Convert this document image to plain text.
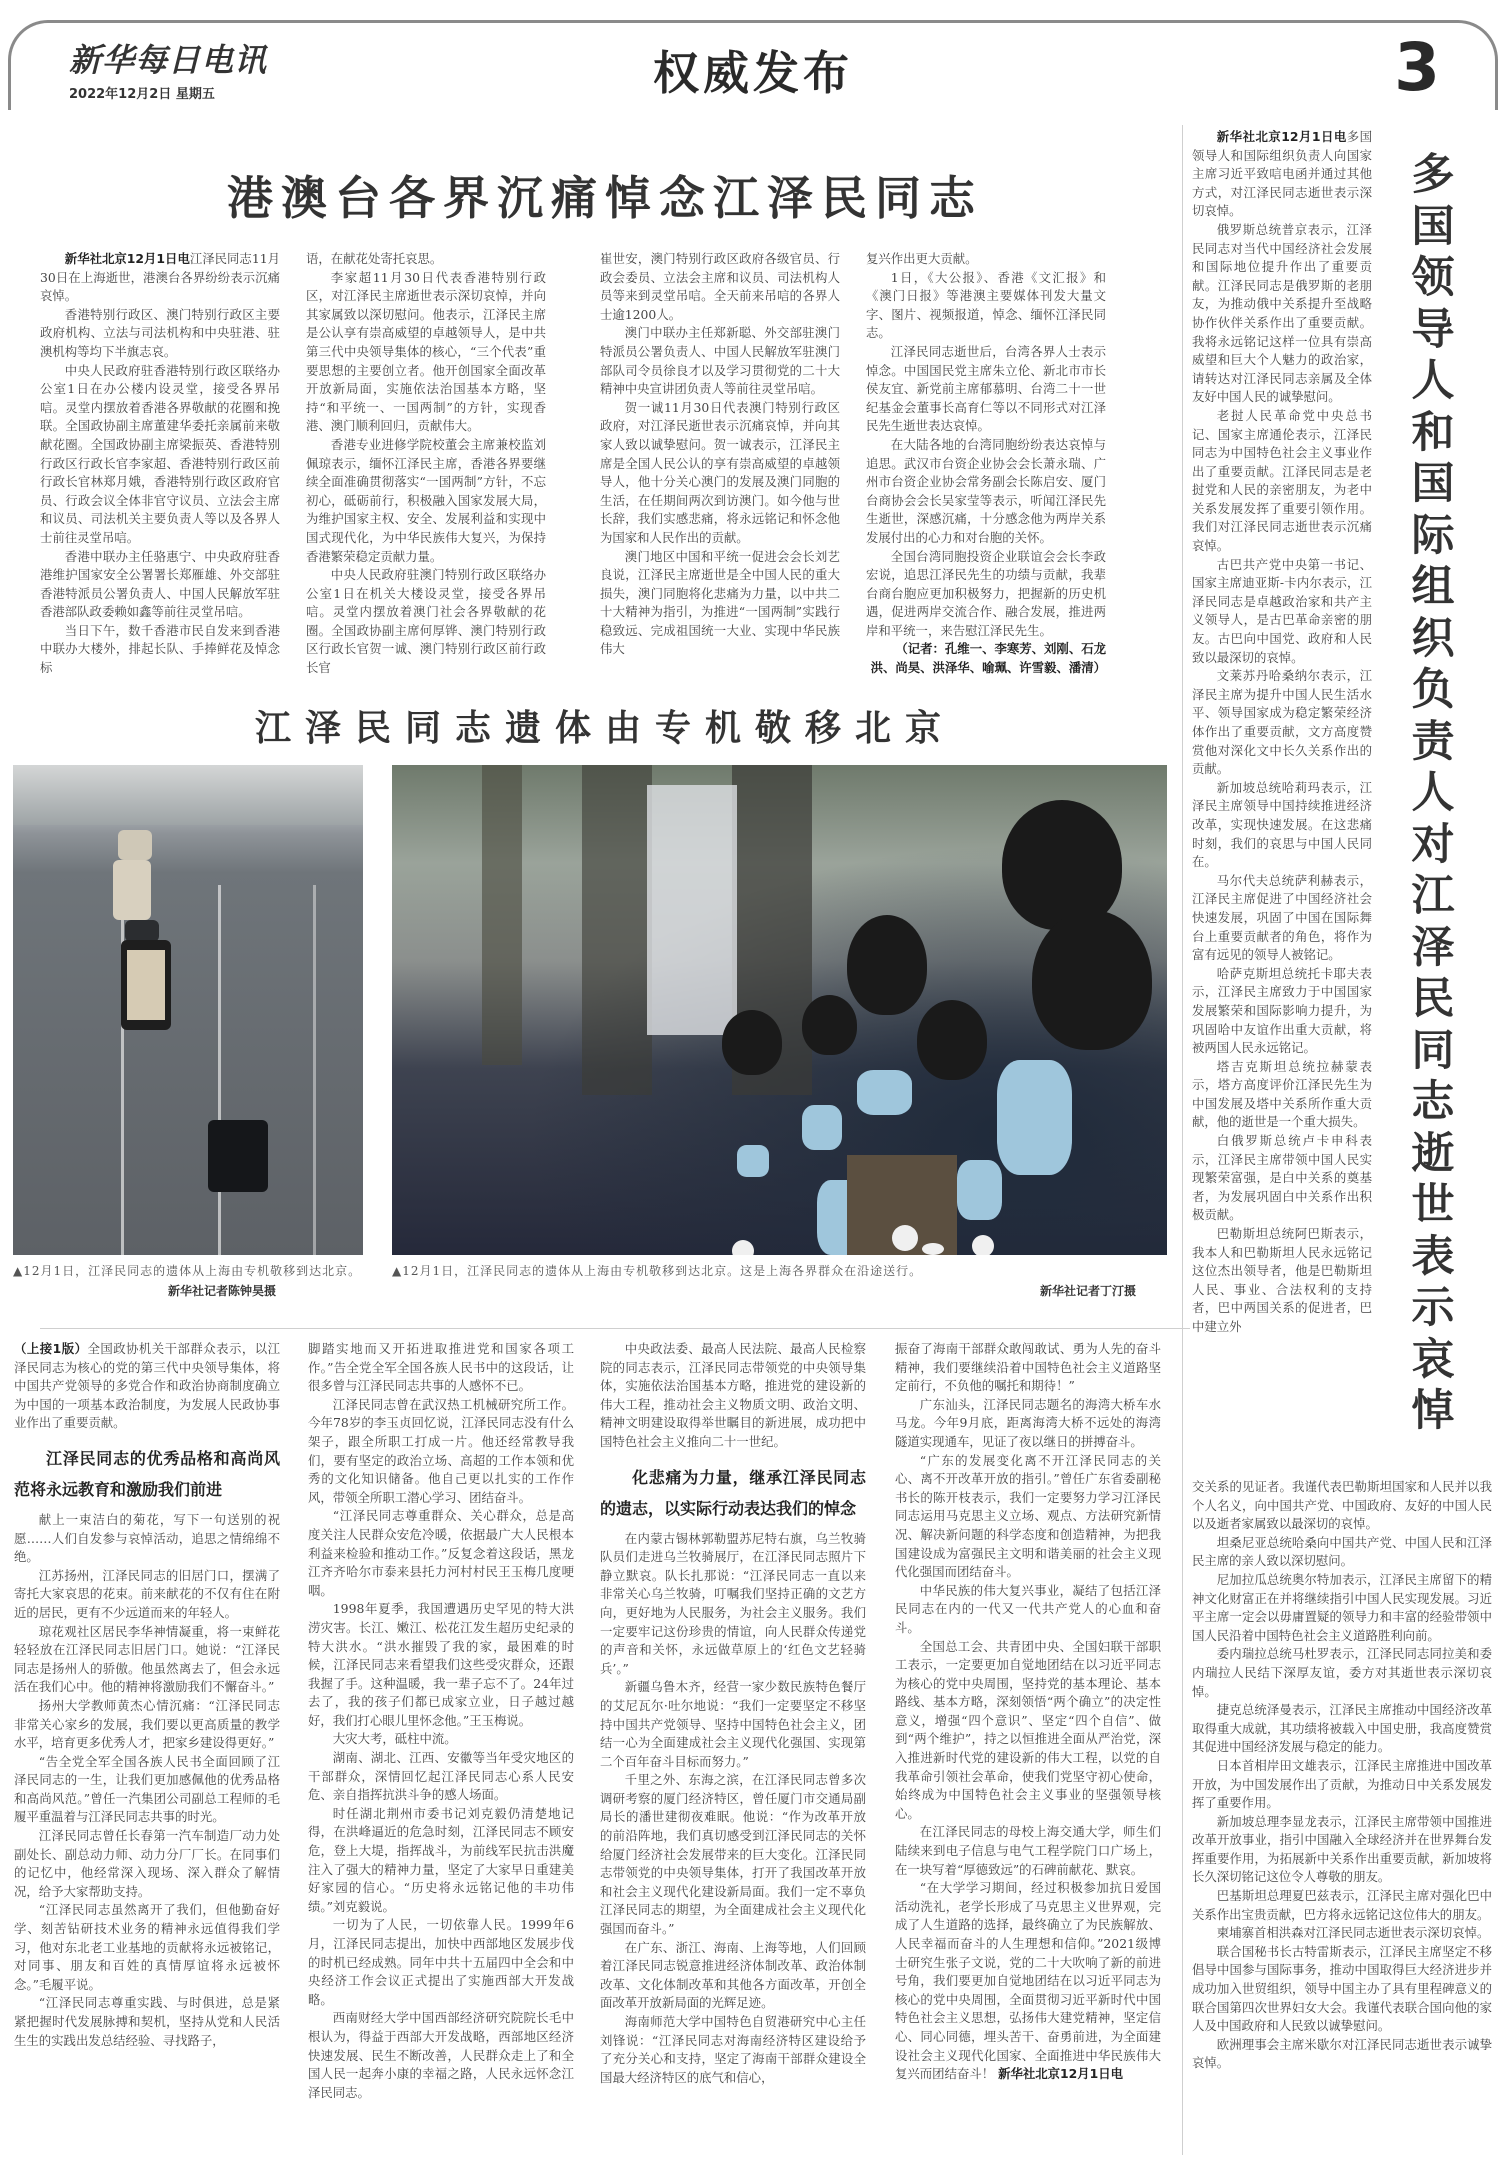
新华每日电讯
2022年12月2日 星期五	权威发布	3
港澳台各界沉痛悼念江泽民同志

新华社北京12月1日电江泽民同志11月30日在上海逝世，港澳台各界纷纷表示沉痛哀悼。

香港特别行政区、澳门特别行政区主要政府机构、立法与司法机构和中央驻港、驻澳机构等均下半旗志哀。

中央人民政府驻香港特别行政区联络办公室1日在办公楼内设灵堂，接受各界吊唁。灵堂内摆放着香港各界敬献的花圈和挽联。全国政协副主席董建华委托亲属前来敬献花圈。全国政协副主席梁振英、香港特别行政区行政长官李家超、香港特别行政区前行政长官林郑月娥，香港特别行政区政府官员、行政会议全体非官守议员、立法会主席和议员、司法机关主要负责人等以及各界人士前往灵堂吊唁。

香港中联办主任骆惠宁、中央政府驻香港维护国家安全公署署长郑雁雄、外交部驻香港特派员公署负责人、中国人民解放军驻香港部队政委赖如鑫等前往灵堂吊唁。

当日下午，数千香港市民自发来到香港中联办大楼外，排起长队、手捧鲜花及悼念标

语，在献花处寄托哀思。

李家超11月30日代表香港特别行政区，对江泽民主席逝世表示深切哀悼，并向其家属致以深切慰问。他表示，江泽民主席是公认享有崇高威望的卓越领导人，是中共第三代中央领导集体的核心，“三个代表”重要思想的主要创立者。他开创国家全面改革开放新局面，实施依法治国基本方略，坚持“和平统一、一国两制”的方针，实现香港、澳门顺利回归，贡献伟大。

香港专业进修学院校董会主席兼校监刘佩琼表示，缅怀江泽民主席，香港各界要继续全面准确贯彻落实“一国两制”方针，不忘初心，砥砺前行，积极融入国家发展大局，为维护国家主权、安全、发展利益和实现中国式现代化，为中华民族伟大复兴，为保持香港繁荣稳定贡献力量。

中央人民政府驻澳门特别行政区联络办公室1日在机关大楼设灵堂，接受各界吊唁。灵堂内摆放着澳门社会各界敬献的花圈。全国政协副主席何厚铧、澳门特别行政区行政长官贺一诚、澳门特别行政区前行政长官

崔世安，澳门特别行政区政府各级官员、行政会委员、立法会主席和议员、司法机构人员等来到灵堂吊唁。全天前来吊唁的各界人士逾1200人。

澳门中联办主任郑新聪、外交部驻澳门特派员公署负责人、中国人民解放军驻澳门部队司令员徐良才以及学习贯彻党的二十大精神中央宣讲团负责人等前往灵堂吊唁。

贺一诚11月30日代表澳门特别行政区政府，对江泽民逝世表示沉痛哀悼，并向其家人致以诚挚慰问。贺一诚表示，江泽民主席是全国人民公认的享有崇高威望的卓越领导人，他十分关心澳门的发展及澳门同胞的生活，在任期间两次到访澳门。如今他与世长辞，我们实感悲痛，将永远铭记和怀念他为国家和人民作出的贡献。

澳门地区中国和平统一促进会会长刘艺良说，江泽民主席逝世是全中国人民的重大损失，澳门同胞将化悲痛为力量，以中共二十大精神为指引，为推进“一国两制”实践行稳致远、完成祖国统一大业、实现中华民族伟大

复兴作出更大贡献。

1日，《大公报》、香港《文汇报》和《澳门日报》等港澳主要媒体刊发大量文字、图片、视频报道，悼念、缅怀江泽民同志。

江泽民同志逝世后，台湾各界人士表示悼念。中国国民党主席朱立伦、新北市市长侯友宜、新党前主席郁慕明、台湾二十一世纪基金会董事长高育仁等以不同形式对江泽民先生逝世表达哀悼。

在大陆各地的台湾同胞纷纷表达哀悼与追思。武汉市台资企业协会会长萧永瑞、广州市台资企业协会常务副会长陈启安、厦门台商协会会长吴家莹等表示，听闻江泽民先生逝世，深感沉痛，十分感念他为两岸关系发展付出的心力和对台胞的关怀。

全国台湾同胞投资企业联谊会会长李政宏说，追思江泽民先生的功绩与贡献，我辈台商台胞应更加积极努力，把握新的历史机遇，促进两岸交流合作、融合发展，推进两岸和平统一，来告慰江泽民先生。

（记者：孔维一、李寒芳、刘刚、石龙洪、尚昊、洪泽华、喻珮、许雪毅、潘清）

江泽民同志遗体由专机敬移北京
▲12月1日，江泽民同志的遗体从上海由专机敬移到达北京。
新华社记者陈钟昊摄
▲12月1日，江泽民同志的遗体从上海由专机敬移到达北京。这是上海各界群众在沿途送行。
新华社记者丁汀摄

（上接1版）全国政协机关干部群众表示，以江泽民同志为核心的党的第三代中央领导集体，将中国共产党领导的多党合作和政治协商制度确立为中国的一项基本政治制度，为发展人民政协事业作出了重要贡献。

江泽民同志的优秀品格和高尚风范将永远教育和激励我们前进

献上一束洁白的菊花，写下一句送别的祝愿……人们自发参与哀悼活动，追思之情绵绵不绝。

江苏扬州，江泽民同志的旧居门口，摆满了寄托大家哀思的花束。前来献花的不仅有住在附近的居民，更有不少远道而来的年轻人。

琼花观社区居民李华神情凝重，将一束鲜花轻轻放在江泽民同志旧居门口。她说：“江泽民同志是扬州人的骄傲。他虽然离去了，但会永远活在我们心中。他的精神将激励我们不懈奋斗。”

扬州大学教师黄杰心情沉痛：“江泽民同志非常关心家乡的发展，我们要以更高质量的教学水平，培育更多优秀人才，把家乡建设得更好。”

“告全党全军全国各族人民书全面回顾了江泽民同志的一生，让我们更加感佩他的优秀品格和高尚风范。”曾任一汽集团公司副总工程师的毛履平重温着与江泽民同志共事的时光。

江泽民同志曾任长春第一汽车制造厂动力处副处长、副总动力师、动力分厂厂长。在同事们的记忆中，他经常深入现场、深入群众了解情况，给予大家帮助支持。

“江泽民同志虽然离开了我们，但他勤奋好学、刻苦钻研技术业务的精神永远值得我们学习，他对东北老工业基地的贡献将永远被铭记，对同事、朋友和百姓的真情厚谊将永远被怀念。”毛履平说。

“江泽民同志尊重实践、与时俱进，总是紧紧把握时代发展脉搏和契机，坚持从党和人民活生生的实践出发总结经验、寻找路子，

脚踏实地而又开拓进取推进党和国家各项工作。”告全党全军全国各族人民书中的这段话，让很多曾与江泽民同志共事的人感怀不已。

江泽民同志曾在武汉热工机械研究所工作。今年78岁的李玉贞回忆说，江泽民同志没有什么架子，跟全所职工打成一片。他还经常教导我们，要有坚定的政治立场、高超的工作本领和优秀的文化知识储备。他自己更以扎实的工作作风，带领全所职工潜心学习、团结奋斗。

“江泽民同志尊重群众、关心群众，总是高度关注人民群众安危冷暖，依据最广大人民根本利益来检验和推动工作。”反复念着这段话，黑龙江齐齐哈尔市泰来县托力河村村民王玉梅几度哽咽。

1998年夏季，我国遭遇历史罕见的特大洪涝灾害。长江、嫩江、松花江发生超历史纪录的特大洪水。“洪水摧毁了我的家，最困难的时候，江泽民同志来看望我们这些受灾群众，还跟我握了手。这种温暖，我一辈子忘不了。24年过去了，我的孩子们都已成家立业，日子越过越好，我们打心眼儿里怀念他。”王玉梅说。

大灾大考，砥柱中流。

湖南、湖北、江西、安徽等当年受灾地区的干部群众，深情回忆起江泽民同志心系人民安危、亲自指挥抗洪斗争的感人场面。

时任湖北荆州市委书记刘克毅仍清楚地记得，在洪峰逼近的危急时刻，江泽民同志不顾安危，登上大堤，指挥战斗，为前线军民抗击洪魔注入了强大的精神力量，坚定了大家早日重建美好家园的信心。“历史将永远铭记他的丰功伟绩。”刘克毅说。

一切为了人民，一切依靠人民。1999年6月，江泽民同志提出，加快中西部地区发展步伐的时机已经成熟。同年中共十五届四中全会和中央经济工作会议正式提出了实施西部大开发战略。

西南财经大学中国西部经济研究院院长毛中根认为，得益于西部大开发战略，西部地区经济快速发展、民生不断改善，人民群众走上了和全国人民一起奔小康的幸福之路，人民永远怀念江泽民同志。

中央政法委、最高人民法院、最高人民检察院的同志表示，江泽民同志带领党的中央领导集体，实施依法治国基本方略，推进党的建设新的伟大工程，推动社会主义物质文明、政治文明、精神文明建设取得举世瞩目的新进展，成功把中国特色社会主义推向二十一世纪。

化悲痛为力量，继承江泽民同志的遗志，以实际行动表达我们的悼念

在内蒙古锡林郭勒盟苏尼特右旗，乌兰牧骑队员们走进乌兰牧骑展厅，在江泽民同志照片下静立默哀。队长扎那说：“江泽民同志一直以来非常关心乌兰牧骑，叮嘱我们坚持正确的文艺方向，更好地为人民服务，为社会主义服务。我们一定要牢记这份珍贵的情谊，向人民群众传递党的声音和关怀，永远做草原上的‘红色文艺轻骑兵’。”

新疆乌鲁木齐，经营一家少数民族特色餐厅的艾尼瓦尔·吐尔地说：“我们一定要坚定不移坚持中国共产党领导、坚持中国特色社会主义，团结一心为全面建成社会主义现代化强国、实现第二个百年奋斗目标而努力。”

千里之外、东海之滨，在江泽民同志曾多次调研考察的厦门经济特区，曾任厦门市交通局副局长的潘世建彻夜难眠。他说：“作为改革开放的前沿阵地，我们真切感受到江泽民同志的关怀给厦门经济社会发展带来的巨大变化。江泽民同志带领党的中央领导集体，打开了我国改革开放和社会主义现代化建设新局面。我们一定不辜负江泽民同志的期望，为全面建成社会主义现代化强国而奋斗。”

在广东、浙江、海南、上海等地，人们回顾着江泽民同志锐意推进经济体制改革、政治体制改革、文化体制改革和其他各方面改革，开创全面改革开放新局面的光辉足迹。

海南师范大学中国特色自贸港研究中心主任刘锋说：“江泽民同志对海南经济特区建设给予了充分关心和支持，坚定了海南干部群众建设全国最大经济特区的底气和信心，

振奋了海南干部群众敢闯敢试、勇为人先的奋斗精神，我们要继续沿着中国特色社会主义道路坚定前行，不负他的嘱托和期待！”

广东汕头，江泽民同志题名的海湾大桥车水马龙。今年9月底，距离海湾大桥不远处的海湾隧道实现通车，见证了夜以继日的拼搏奋斗。

“广东的发展变化离不开江泽民同志的关心、离不开改革开放的指引。”曾任广东省委副秘书长的陈开枝表示，我们一定要努力学习江泽民同志运用马克思主义立场、观点、方法研究新情况、解决新问题的科学态度和创造精神，为把我国建设成为富强民主文明和谐美丽的社会主义现代化强国而团结奋斗。

中华民族的伟大复兴事业，凝结了包括江泽民同志在内的一代又一代共产党人的心血和奋斗。

全国总工会、共青团中央、全国妇联干部职工表示，一定要更加自觉地团结在以习近平同志为核心的党中央周围，坚持党的基本理论、基本路线、基本方略，深刻领悟“两个确立”的决定性意义，增强“四个意识”、坚定“四个自信”、做到“两个维护”，持之以恒推进全面从严治党，深入推进新时代党的建设新的伟大工程，以党的自我革命引领社会革命，使我们党坚守初心使命，始终成为中国特色社会主义事业的坚强领导核心。

在江泽民同志的母校上海交通大学，师生们陆续来到电子信息与电气工程学院门口广场上，在一块写着“厚德致远”的石碑前献花、默哀。

“在大学学习期间，经过积极参加抗日爱国活动洗礼，老学长形成了马克思主义世界观，完成了人生道路的选择，最终确立了为民族解放、人民幸福而奋斗的人生理想和信仰。”2021级博士研究生张子文说，党的二十大吹响了新的前进号角，我们要更加自觉地团结在以习近平同志为核心的党中央周围，全面贯彻习近平新时代中国特色社会主义思想，弘扬伟大建党精神，坚定信心、同心同德，埋头苦干、奋勇前进，为全面建设社会主义现代化国家、全面推进中华民族伟大复兴而团结奋斗！ 新华社北京12月1日电

新华社北京12月1日电多国领导人和国际组织负责人向国家主席习近平致唁电函并通过其他方式，对江泽民同志逝世表示深切哀悼。

俄罗斯总统普京表示，江泽民同志对当代中国经济社会发展和国际地位提升作出了重要贡献。江泽民同志是俄罗斯的老朋友，为推动俄中关系提升至战略协作伙伴关系作出了重要贡献。我将永远铭记这样一位具有崇高威望和巨大个人魅力的政治家，请转达对江泽民同志亲属及全体友好中国人民的诚挚慰问。

老挝人民革命党中央总书记、国家主席通伦表示，江泽民同志为中国特色社会主义事业作出了重要贡献。江泽民同志是老挝党和人民的亲密朋友，为老中关系发展发挥了重要引领作用。我们对江泽民同志逝世表示沉痛哀悼。

古巴共产党中央第一书记、国家主席迪亚斯-卡内尔表示，江泽民同志是卓越政治家和共产主义领导人，是古巴革命亲密的朋友。古巴向中国党、政府和人民致以最深切的哀悼。

文莱苏丹哈桑纳尔表示，江泽民主席为提升中国人民生活水平、领导国家成为稳定繁荣经济体作出了重要贡献，文方高度赞赏他对深化文中长久关系作出的贡献。

新加坡总统哈莉玛表示，江泽民主席领导中国持续推进经济改革，实现快速发展。在这悲痛时刻，我们的哀思与中国人民同在。

马尔代夫总统萨利赫表示，江泽民主席促进了中国经济社会快速发展，巩固了中国在国际舞台上重要贡献者的角色，将作为富有远见的领导人被铭记。

哈萨克斯坦总统托卡耶夫表示，江泽民主席致力于中国国家发展繁荣和国际影响力提升，为巩固哈中友谊作出重大贡献，将被两国人民永远铭记。

塔吉克斯坦总统拉赫蒙表示，塔方高度评价江泽民先生为中国发展及塔中关系所作重大贡献，他的逝世是一个重大损失。

白俄罗斯总统卢卡申科表示，江泽民主席带领中国人民实现繁荣富强，是白中关系的奠基者，为发展巩固白中关系作出积极贡献。

巴勒斯坦总统阿巴斯表示，我本人和巴勒斯坦人民永远铭记这位杰出领导者，他是巴勒斯坦人民、事业、合法权利的支持者，巴中两国关系的促进者，巴中建立外

多国领导人和国际组织负责人对江泽民同志逝世表示哀悼

交关系的见证者。我谨代表巴勒斯坦国家和人民并以我个人名义，向中国共产党、中国政府、友好的中国人民以及逝者家属致以最深切的哀悼。

坦桑尼亚总统哈桑向中国共产党、中国人民和江泽民主席的亲人致以深切慰问。

尼加拉瓜总统奥尔特加表示，江泽民主席留下的精神文化财富正在并将继续指引中国人民实现发展。习近平主席一定会以毋庸置疑的领导力和丰富的经验带领中国人民沿着中国特色社会主义道路胜利向前。

委内瑞拉总统马杜罗表示，江泽民同志同拉美和委内瑞拉人民结下深厚友谊，委方对其逝世表示深切哀悼。

捷克总统泽曼表示，江泽民主席推动中国经济改革取得重大成就，其功绩将被载入中国史册，我高度赞赏其促进中国经济发展与稳定的能力。

日本首相岸田文雄表示，江泽民主席推进中国改革开放，为中国发展作出了贡献，为推动日中关系发展发挥了重要作用。

新加坡总理李显龙表示，江泽民主席带领中国推进改革开放事业，指引中国融入全球经济并在世界舞台发挥重要作用，为拓展新中关系作出重要贡献，新加坡将长久深切铭记这位令人尊敬的朋友。

巴基斯坦总理夏巴兹表示，江泽民主席对强化巴中关系作出宝贵贡献，巴方将永远铭记这位伟大的朋友。

柬埔寨首相洪森对江泽民同志逝世表示深切哀悼。

联合国秘书长古特雷斯表示，江泽民主席坚定不移倡导中国参与国际事务，推动中国取得巨大经济进步并成功加入世贸组织，领导中国主办了具有里程碑意义的联合国第四次世界妇女大会。我谨代表联合国向他的家人及中国政府和人民致以诚挚慰问。

欧洲理事会主席米歇尔对江泽民同志逝世表示诚挚哀悼。
